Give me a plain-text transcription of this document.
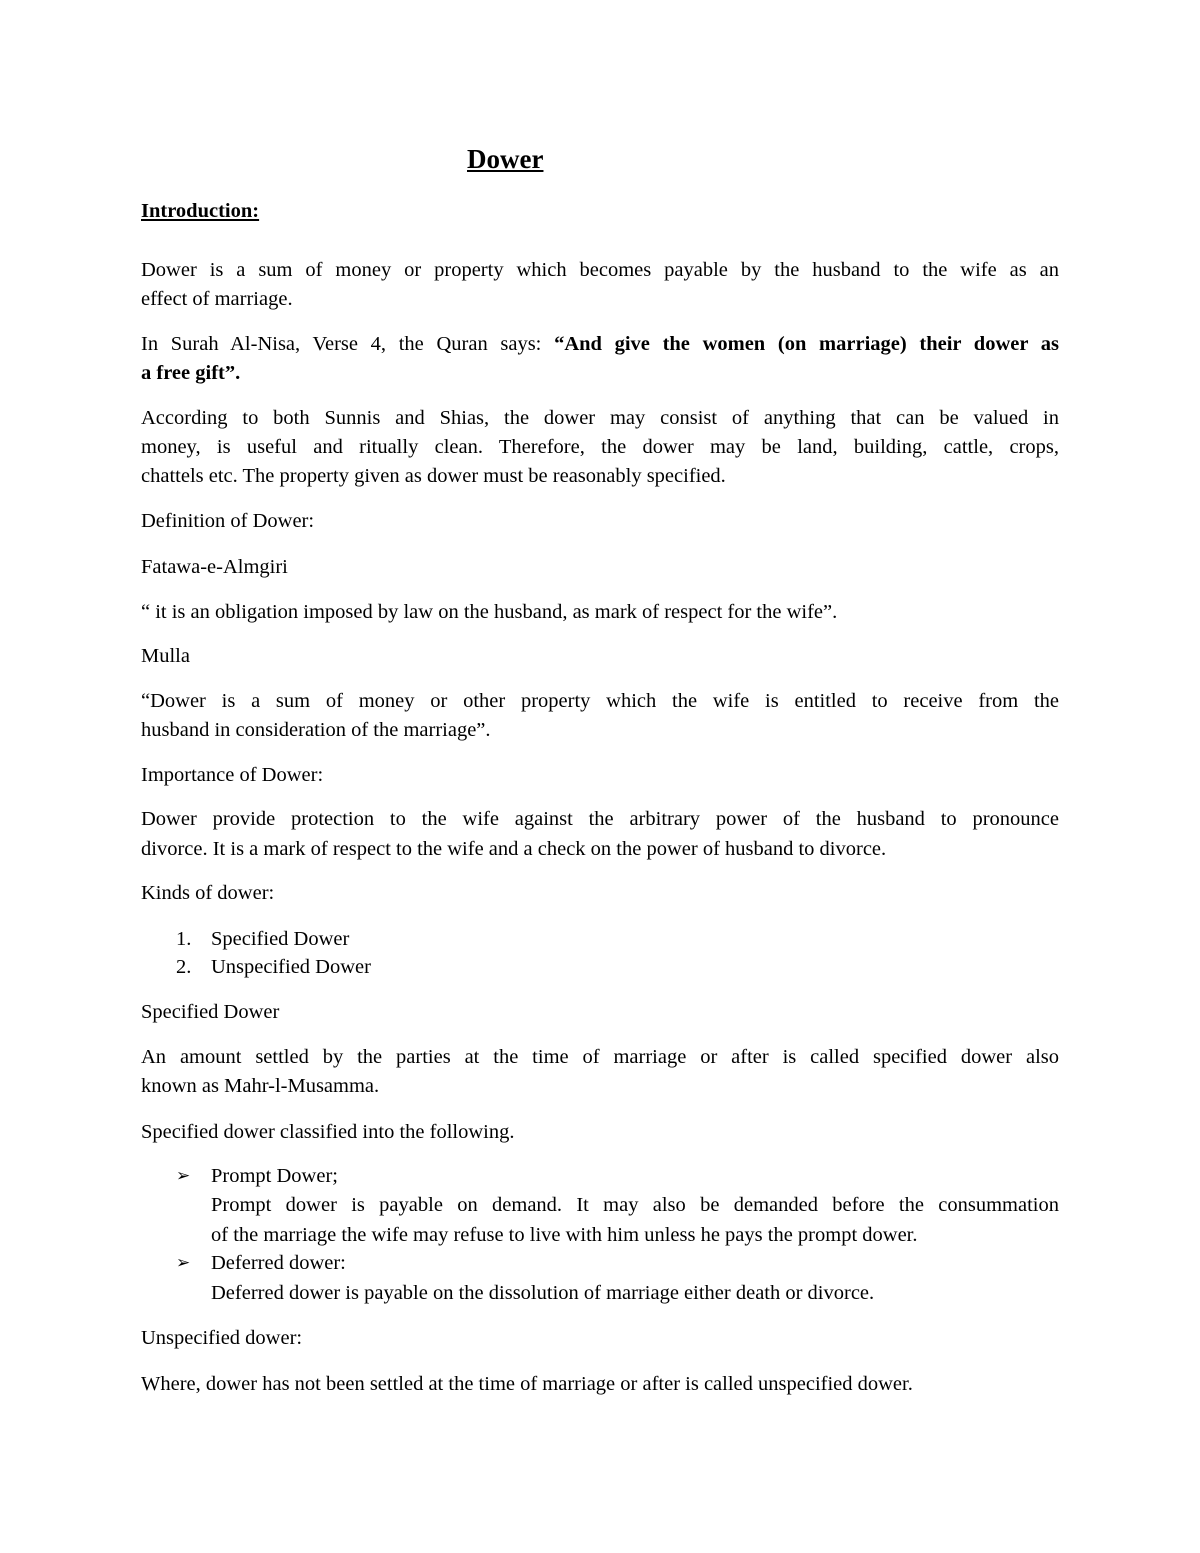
Dower
Introduction:
Dower is a sum of money or property which becomes payable by the husband to the wife as an
effect of marriage.
In Surah Al-Nisa, Verse 4, the Quran says: “And give the women (on marriage) their dower as
a free gift”.
According to both Sunnis and Shias, the dower may consist of anything that can be valued in
money, is useful and ritually clean. Therefore, the dower may be land, building, cattle, crops,
chattels etc. The property given as dower must be reasonably specified.
Definition of Dower:
Fatawa-e-Almgiri
“ it is an obligation imposed by law on the husband, as mark of respect for the wife”.
Mulla
“Dower is a sum of money or other property which the wife is entitled to receive from the
husband in consideration of the marriage”.
Importance of Dower:
Dower provide protection to the wife against the arbitrary power of the husband to pronounce
divorce. It is a mark of respect to the wife and a check on the power of husband to divorce.
Kinds of dower:
1. Specified Dower
2. Unspecified Dower
Specified Dower
An amount settled by the parties at the time of marriage or after is called specified dower also
known as Mahr-l-Musamma.
Specified dower classified into the following.
➢ Prompt Dower;
Prompt dower is payable on demand. It may also be demanded before the consummation
of the marriage the wife may refuse to live with him unless he pays the prompt dower.
➢ Deferred dower:
Deferred dower is payable on the dissolution of marriage either death or divorce.
Unspecified dower:
Where, dower has not been settled at the time of marriage or after is called unspecified dower.
